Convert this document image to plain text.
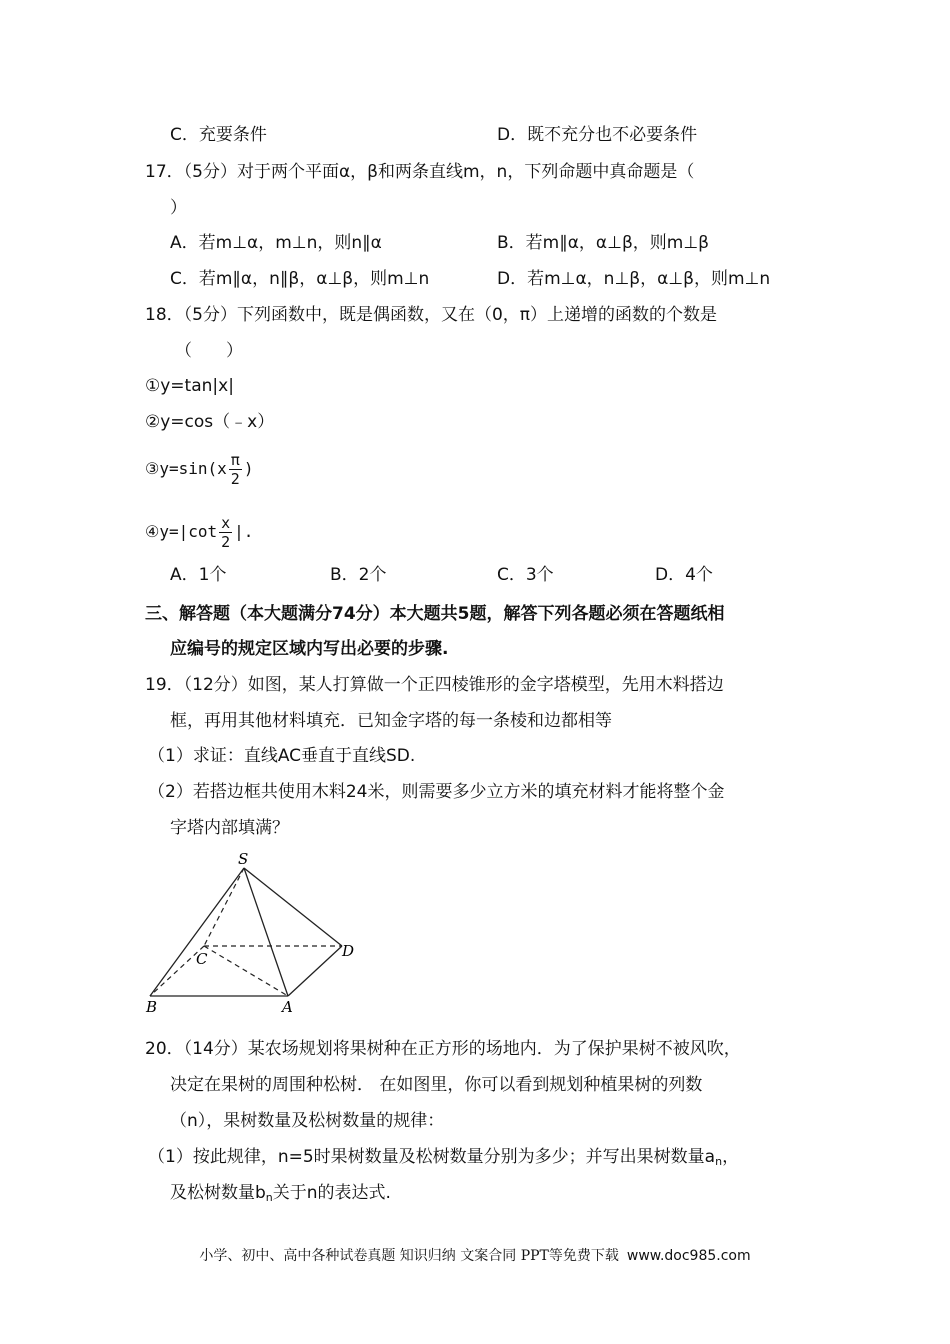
C．充要条件	D．既不充分也不必要条件
17．（5分）对于两个平面α，β和两条直线m，n，下列命题中真命题是（
）
A．若m⊥α，m⊥n，则n∥α	B．若m∥α，α⊥β，则m⊥β
C．若m∥α，n∥β，α⊥β，则m⊥n	D．若m⊥α，n⊥β，α⊥β，则m⊥n
18．（5分）下列函数中，既是偶函数，又在（0，π）上递增的函数的个数是
（　　）
①y=tan|x|
②y=cos（﹣x）
③y=sin(x $\frac{\pi}{2}$ )
④y=|cot $\frac{x}{2}$ |.
A．1个	B．2个	C．3个	D．4个
三、解答题（本大题满分74分）本大题共5题，解答下列各题必须在答题纸相
应编号的规定区域内写出必要的步骤.
19．（12分）如图，某人打算做一个正四棱锥形的金字塔模型，先用木料搭边
框，再用其他材料填充．已知金字塔的每一条棱和边都相等
（1）求证：直线AC垂直于直线SD.
（2）若搭边框共使用木料24米，则需要多少立方米的填充材料才能将整个金
字塔内部填满？
S
C	D
B	A
20．（14分）某农场规划将果树种在正方形的场地内．为了保护果树不被风吹，
决定在果树的周围种松树． 在如图里，你可以看到规划种植果树的列数
（n），果树数量及松树数量的规律：
（1）按此规律，n=5时果树数量及松树数量分别为多少；并写出果树数量$a_n$，
及松树数量$b_n$关于n的表达式.
小学、初中、高中各种试卷真题 知识归纳 文案合同 PPT等免费下载 www.doc985.com
